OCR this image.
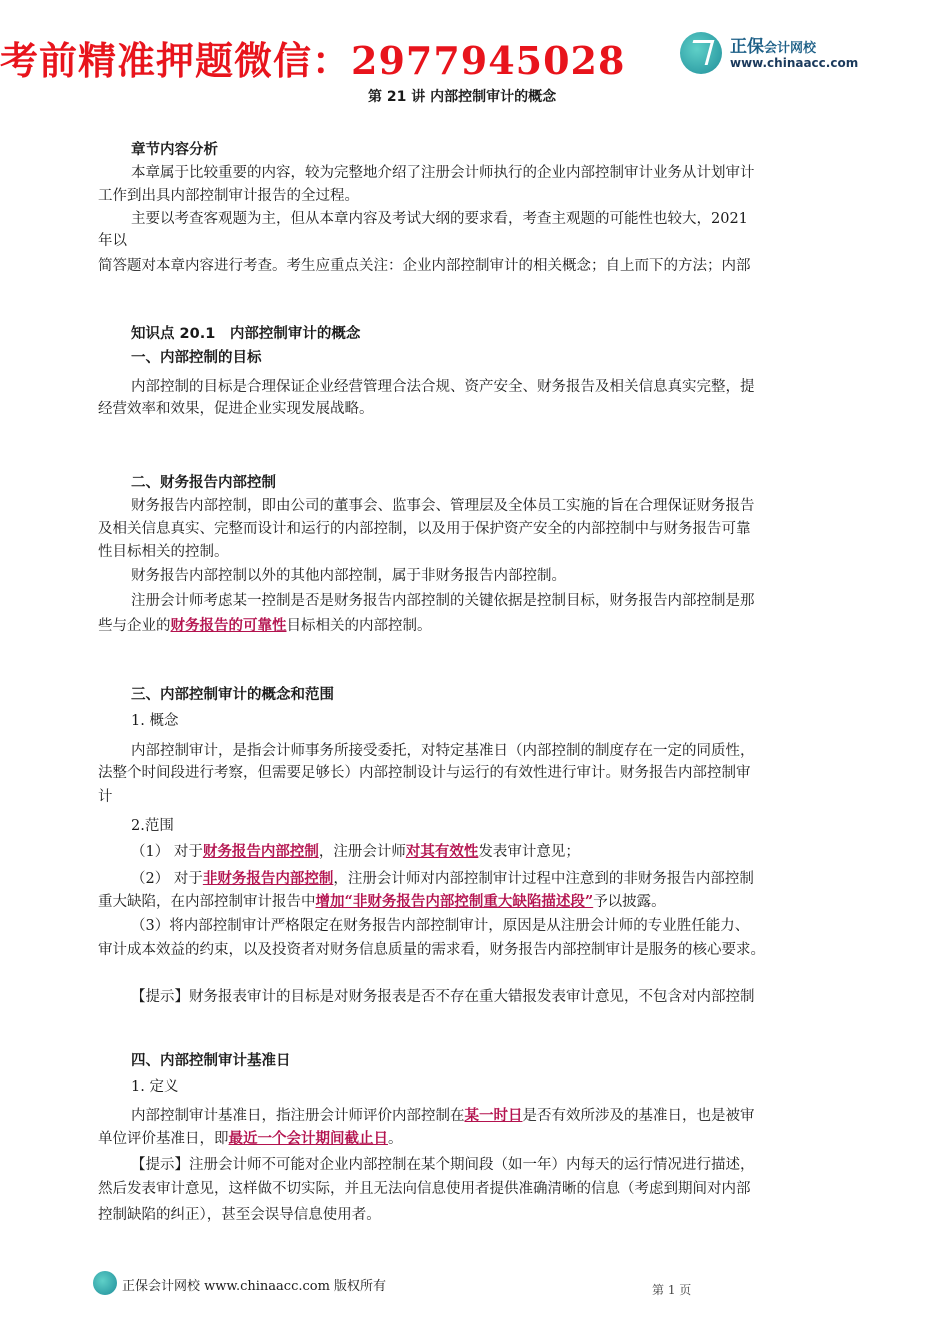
考前精准押题微信：2977945028	正保会计网校
www.chinaacc.com
第 21 讲 内部控制审计的概念
章节内容分析
本章属于比较重要的内容，较为完整地介绍了注册会计师执行的企业内部控制审计业务从计划审计
工作到出具内部控制审计报告的全过程。
主要以考查客观题为主，但从本章内容及考试大纲的要求看，考查主观题的可能性也较大，2021
年以
简答题对本章内容进行考查。考生应重点关注：企业内部控制审计的相关概念；自上而下的方法；内部
知识点 20.1　内部控制审计的概念
一、内部控制的目标
内部控制的目标是合理保证企业经营管理合法合规、资产安全、财务报告及相关信息真实完整，提
经营效率和效果，促进企业实现发展战略。
二、财务报告内部控制
财务报告内部控制，即由公司的董事会、监事会、管理层及全体员工实施的旨在合理保证财务报告
及相关信息真实、完整而设计和运行的内部控制，以及用于保护资产安全的内部控制中与财务报告可靠
性目标相关的控制。
财务报告内部控制以外的其他内部控制，属于非财务报告内部控制。
注册会计师考虑某一控制是否是财务报告内部控制的关键依据是控制目标，财务报告内部控制是那
些与企业的财务报告的可靠性目标相关的内部控制。
三、内部控制审计的概念和范围
1. 概念
内部控制审计，是指会计师事务所接受委托，对特定基准日（内部控制的制度存在一定的同质性，
法整个时间段进行考察，但需要足够长）内部控制设计与运行的有效性进行审计。财务报告内部控制审
计
2.范围
（1） 对于财务报告内部控制，注册会计师对其有效性发表审计意见；
（2） 对于非财务报告内部控制，注册会计师对内部控制审计过程中注意到的非财务报告内部控制
重大缺陷，在内部控制审计报告中增加“非财务报告内部控制重大缺陷描述段”予以披露。
（3）将内部控制审计严格限定在财务报告内部控制审计，原因是从注册会计师的专业胜任能力、
审计成本效益的约束，以及投资者对财务信息质量的需求看，财务报告内部控制审计是服务的核心要求。
【提示】财务报表审计的目标是对财务报表是否不存在重大错报发表审计意见，不包含对内部控制
四、内部控制审计基准日
1. 定义
内部控制审计基准日，指注册会计师评价内部控制在某一时日是否有效所涉及的基准日，也是被审
单位评价基准日，即最近一个会计期间截止日。
【提示】注册会计师不可能对企业内部控制在某个期间段（如一年）内每天的运行情况进行描述，
然后发表审计意见，这样做不切实际，并且无法向信息使用者提供准确清晰的信息（考虑到期间对内部
控制缺陷的纠正），甚至会误导信息使用者。
正保会计网校 www.chinaacc.com 版权所有	第 1 页
